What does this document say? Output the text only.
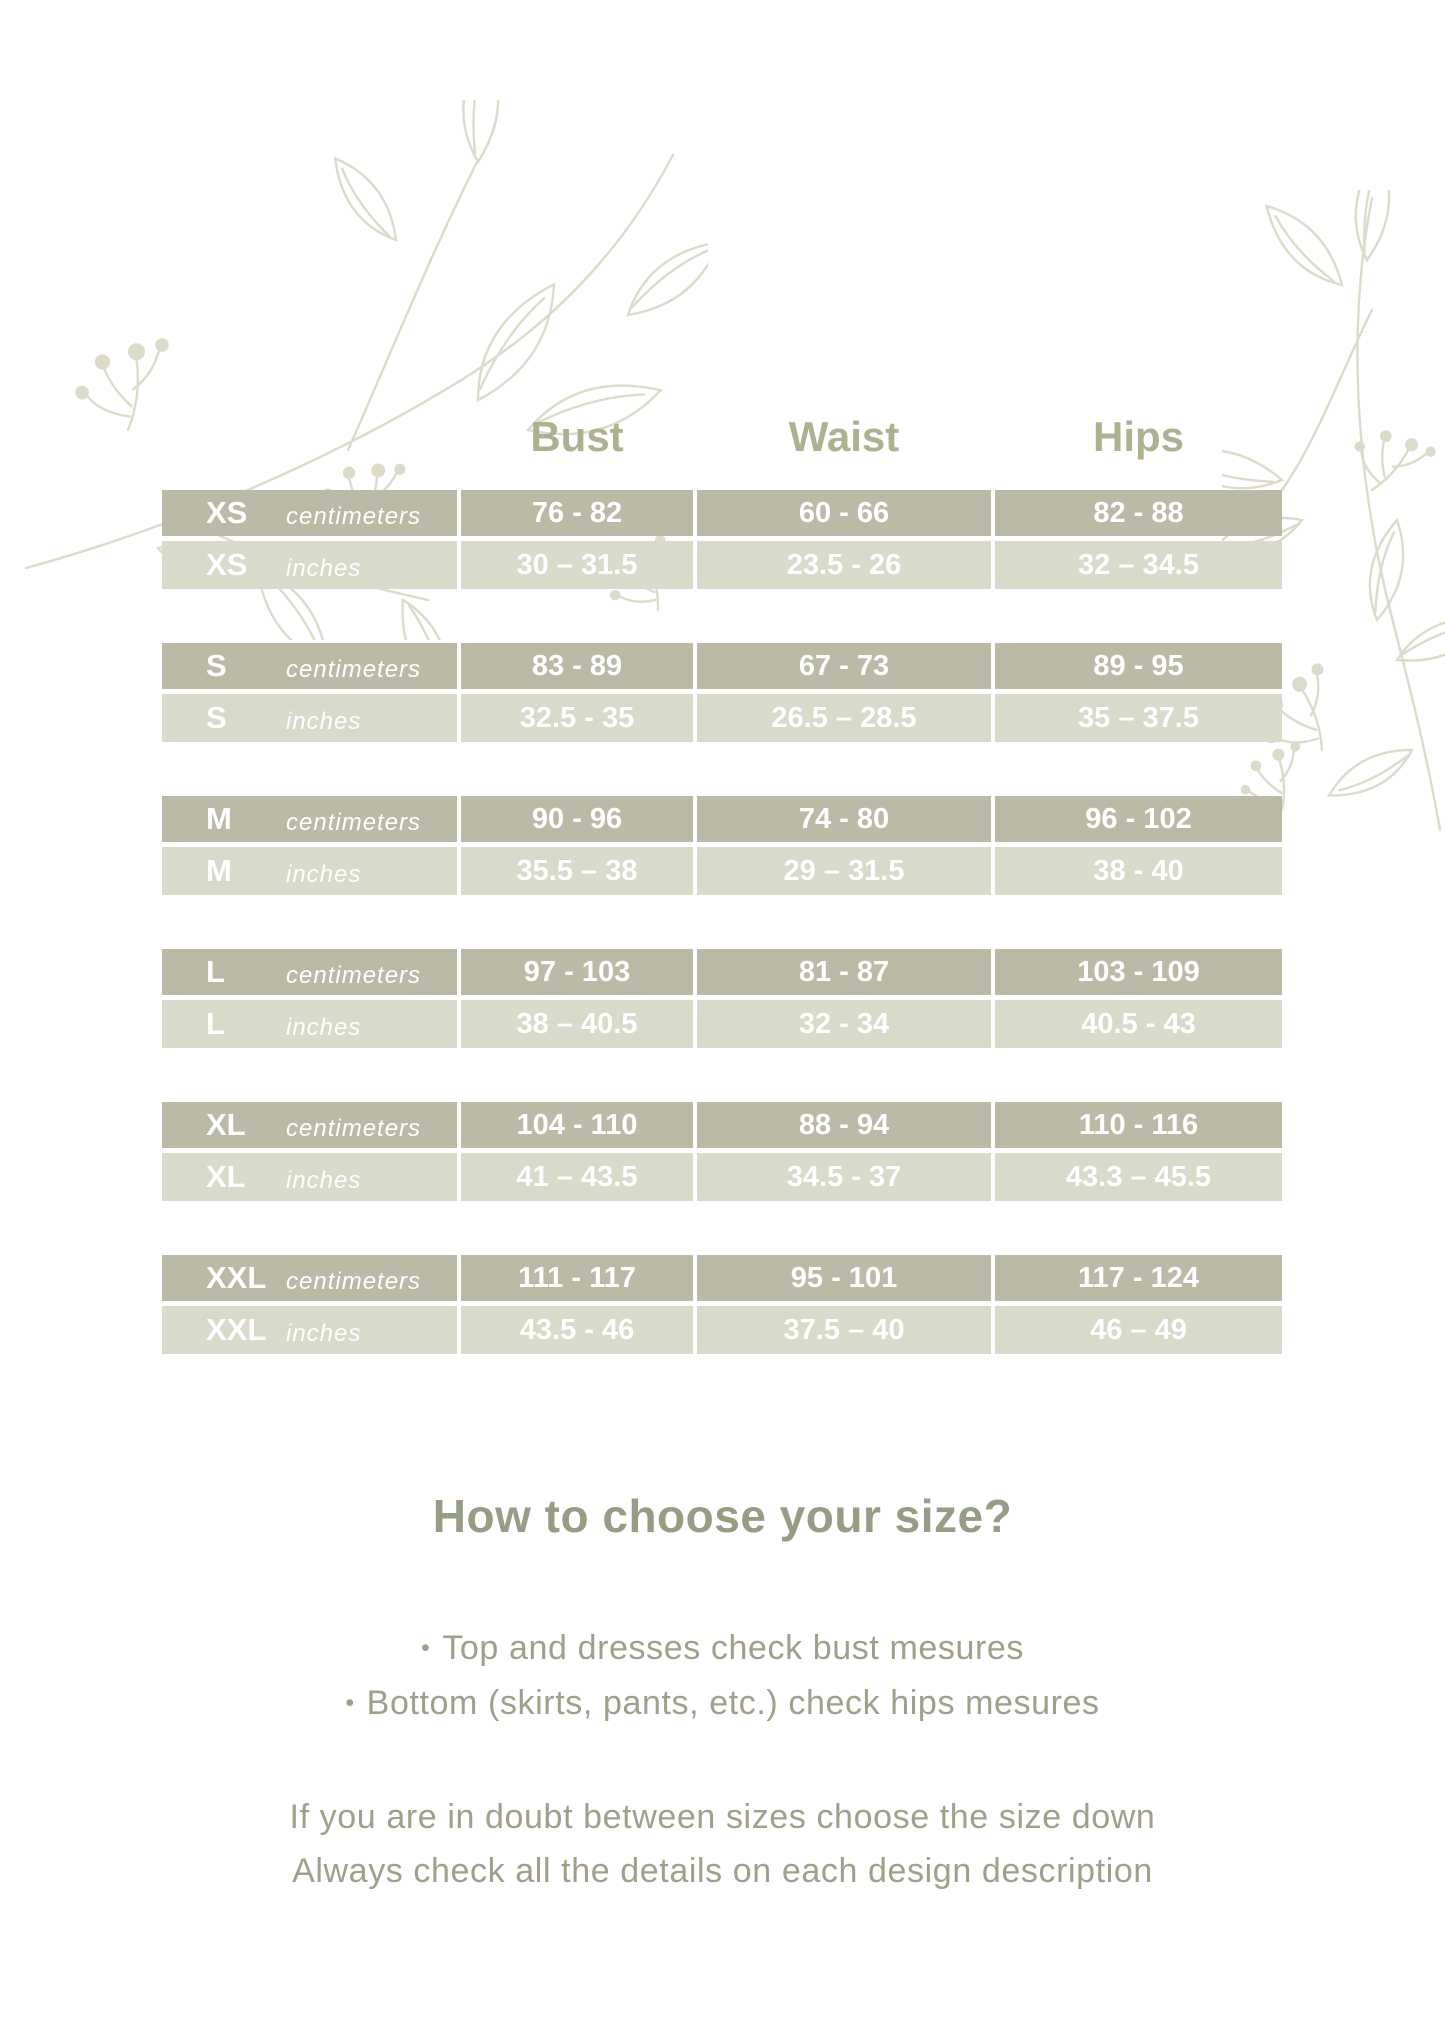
Bust	Waist	Hips
XS	centimeters	76 - 82	60 - 66	82 - 88
XS	inches	30 – 31.5	23.5 - 26	32 – 34.5
S	centimeters	83 - 89	67 - 73	89 - 95
S	inches	32.5 - 35	26.5 – 28.5	35 – 37.5
M	centimeters	90 - 96	74 - 80	96 - 102
M	inches	35.5 – 38	29 – 31.5	38 - 40
L	centimeters	97 - 103	81 - 87	103 - 109
L	inches	38 – 40.5	32 - 34	40.5 - 43
XL	centimeters	104 - 110	88 - 94	110 - 116
XL	inches	41 – 43.5	34.5 - 37	43.3 – 45.5
XXL centimeters	111 - 117	95 - 101	117 - 124
XXL inches	43.5 - 46	37.5 – 40	46 – 49
How to choose your size?
• Top and dresses check bust mesures
• Bottom (skirts, pants, etc.) check hips mesures
If you are in doubt between sizes choose the size down
Always check all the details on each design description
